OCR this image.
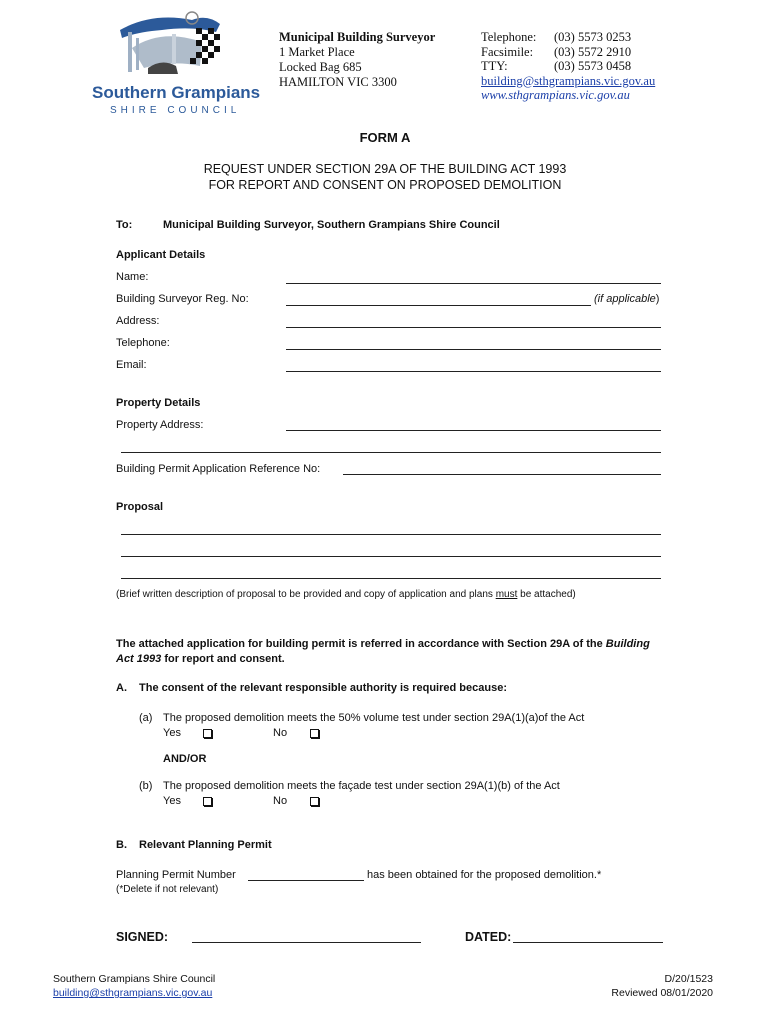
Southern Grampians
SHIRE COUNCIL
Municipal Building Surveyor
1 Market Place
Locked Bag 685
HAMILTON VIC 3300
Telephone: (03) 5573 0253
Facsimile: (03) 5572 2910
TTY:	(03) 5573 0458
building@sthgrampians.vic.gov.au
www.sthgrampians.vic.gov.au
FORM A
REQUEST UNDER SECTION 29A OF THE BUILDING ACT 1993
FOR REPORT AND CONSENT ON PROPOSED DEMOLITION
To:	Municipal Building Surveyor, Southern Grampians Shire Council
Applicant Details
Name:
Building Surveyor Reg. No:	(if applicable)
Address:
Telephone:
Email:
Property Details
Property Address:
Building Permit Application Reference No:
Proposal
(Brief written description of proposal to be provided and copy of application and plans must be attached)
The attached application for building permit is referred in accordance with Section 29A of the Building
Act 1993 for report and consent.
A. The consent of the relevant responsible authority is required because:
(a) The proposed demolition meets the 50% volume test under section 29A(1)(a)of the Act
Yes	No
AND/OR
(b) The proposed demolition meets the façade test under section 29A(1)(b) of the Act
Yes	No
B. Relevant Planning Permit
Planning Permit Number	has been obtained for the proposed demolition.*
(*Delete if not relevant)
SIGNED:	DATED:
Southern Grampians Shire Council
building@sthgrampians.vic.gov.au
D/20/1523
Reviewed 08/01/2020
